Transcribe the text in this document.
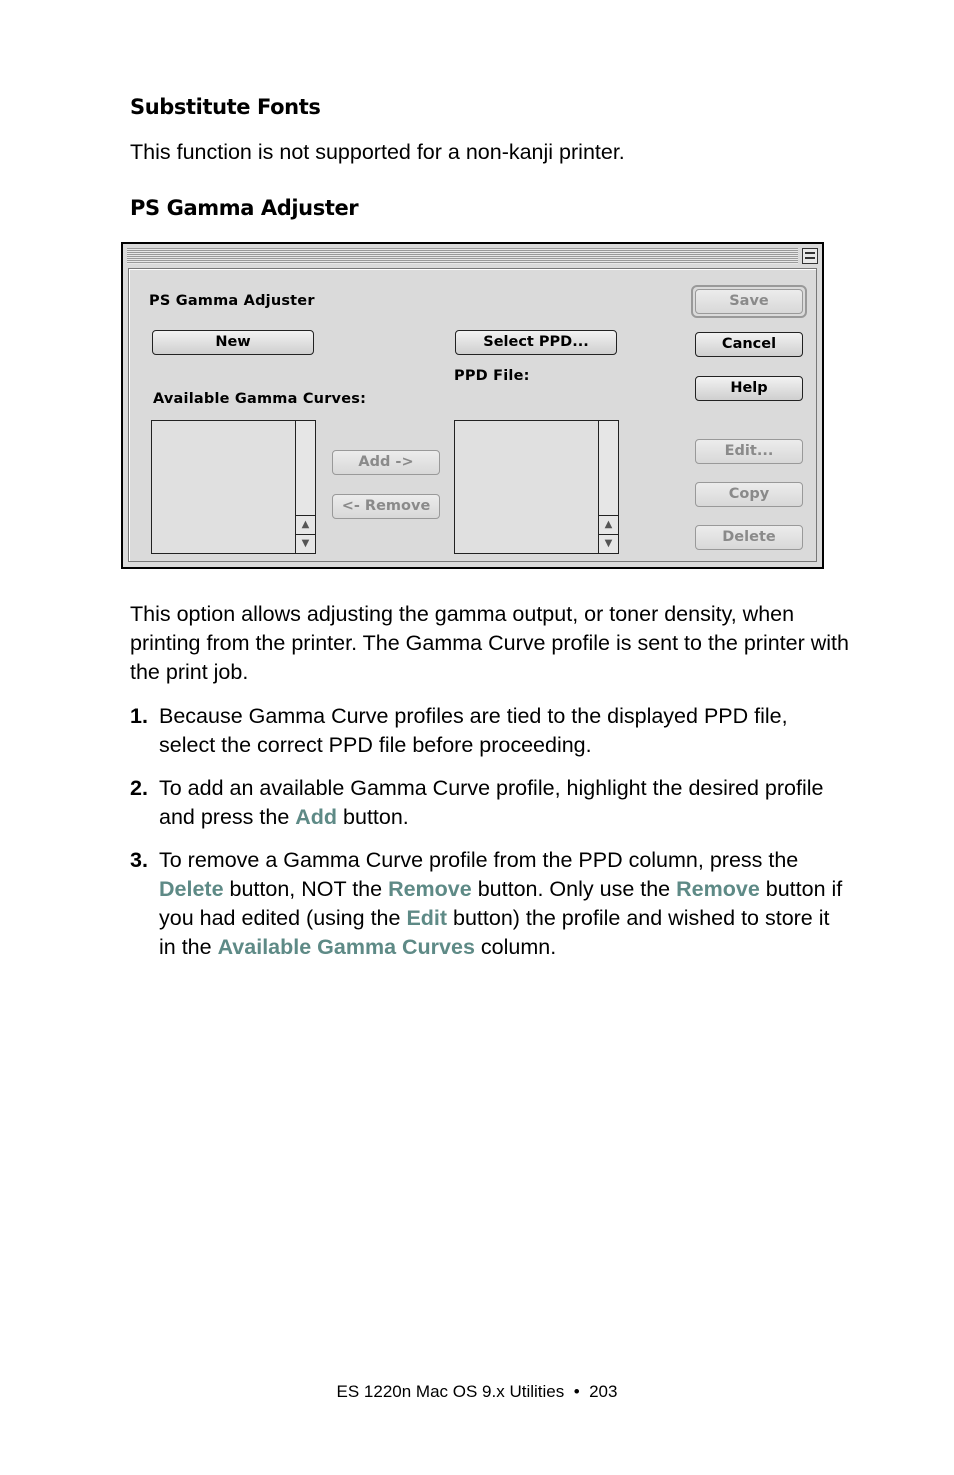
Substitute Fonts
This function is not supported for a non-kanji printer.
PS Gamma Adjuster
PS Gamma Adjuster
New	Select PPD...
PPD File:
Available Gamma Curves:
▲
▼
Add ->
<- Remove
▲
▼
Save
Cancel
Help
Edit...
Copy
Delete
This option allows adjusting the gamma output, or toner density, when printing from the printer. The Gamma Curve profile is sent to the printer with the print job.
1. Because Gamma Curve profiles are tied to the displayed PPD file, select the correct PPD file before proceeding.
2. To add an available Gamma Curve profile, highlight the desired profile and press the Add button.
3. To remove a Gamma Curve profile from the PPD column, press the Delete button, NOT the Remove button. Only use the Remove button if you had edited (using the Edit button) the profile and wished to store it in the Available Gamma Curves column.
ES 1220n Mac OS 9.x Utilities • 203
